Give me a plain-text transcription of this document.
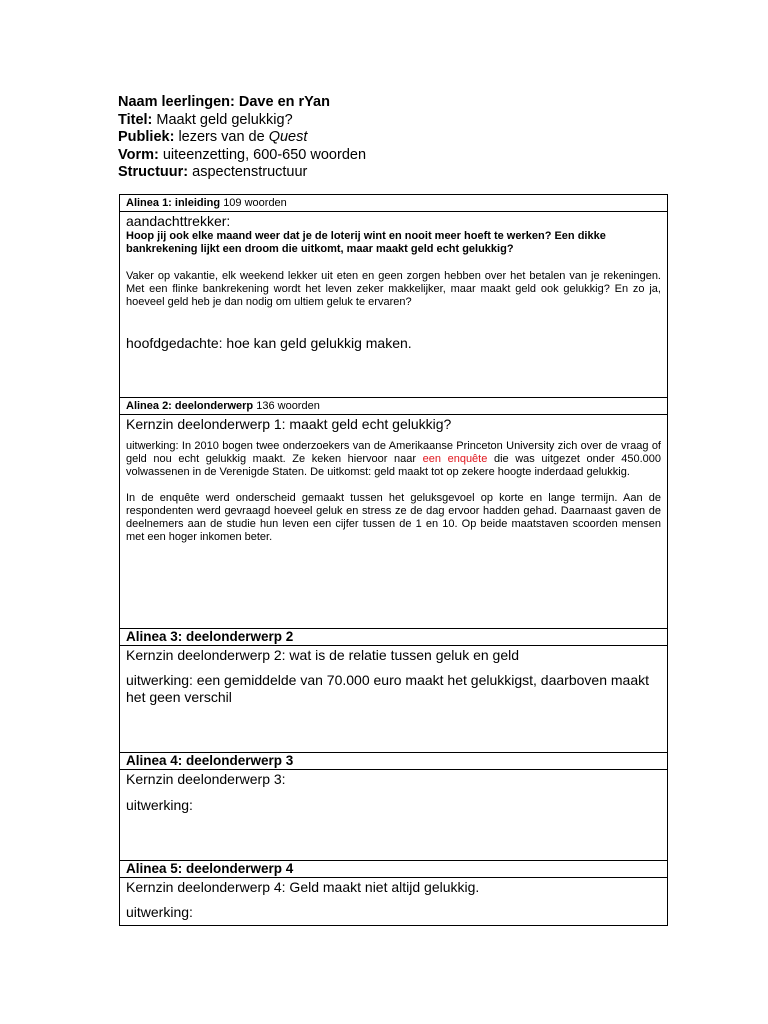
Naam leerlingen: Dave en rYan
Titel: Maakt geld gelukkig?
Publiek: lezers van de Quest
Vorm: uiteenzetting, 600-650 woorden
Structuur: aspectenstructuur
Alinea 1: inleiding 109 woorden

aandachttrekker:

Hoop jij ook elke maand weer dat je de loterij wint en nooit meer hoeft te werken? Een dikke bankrekening lijkt een droom die uitkomt, maar maakt geld echt gelukkig?

Vaker op vakantie, elk weekend lekker uit eten en geen zorgen hebben over het betalen van je rekeningen. Met een flinke bankrekening wordt het leven zeker makkelijker, maar maakt geld ook gelukkig? En zo ja, hoeveel geld heb je dan nodig om ultiem geluk te ervaren?

hoofdgedachte: hoe kan geld gelukkig maken.

Alinea 2: deelonderwerp 136 woorden

Kernzin deelonderwerp 1: maakt geld echt gelukkig?

uitwerking: In 2010 bogen twee onderzoekers van de Amerikaanse Princeton University zich over de vraag of geld nou echt gelukkig maakt. Ze keken hiervoor naar een enquête die was uitgezet onder 450.000 volwassenen in de Verenigde Staten. De uitkomst: geld maakt tot op zekere hoogte inderdaad gelukkig.

In de enquête werd onderscheid gemaakt tussen het geluksgevoel op korte en lange termijn. Aan de respondenten werd gevraagd hoeveel geluk en stress ze de dag ervoor hadden gehad. Daarnaast gaven de deelnemers aan de studie hun leven een cijfer tussen de 1 en 10. Op beide maatstaven scoorden mensen met een hoger inkomen beter.

Alinea 3: deelonderwerp 2

Kernzin deelonderwerp 2: wat is de relatie tussen geluk en geld

uitwerking: een gemiddelde van 70.000 euro maakt het gelukkigst, daarboven maakt het geen verschil

Alinea 4: deelonderwerp 3

Kernzin deelonderwerp 3:

uitwerking:

Alinea 5: deelonderwerp 4

Kernzin deelonderwerp 4: Geld maakt niet altijd gelukkig.

uitwerking:
